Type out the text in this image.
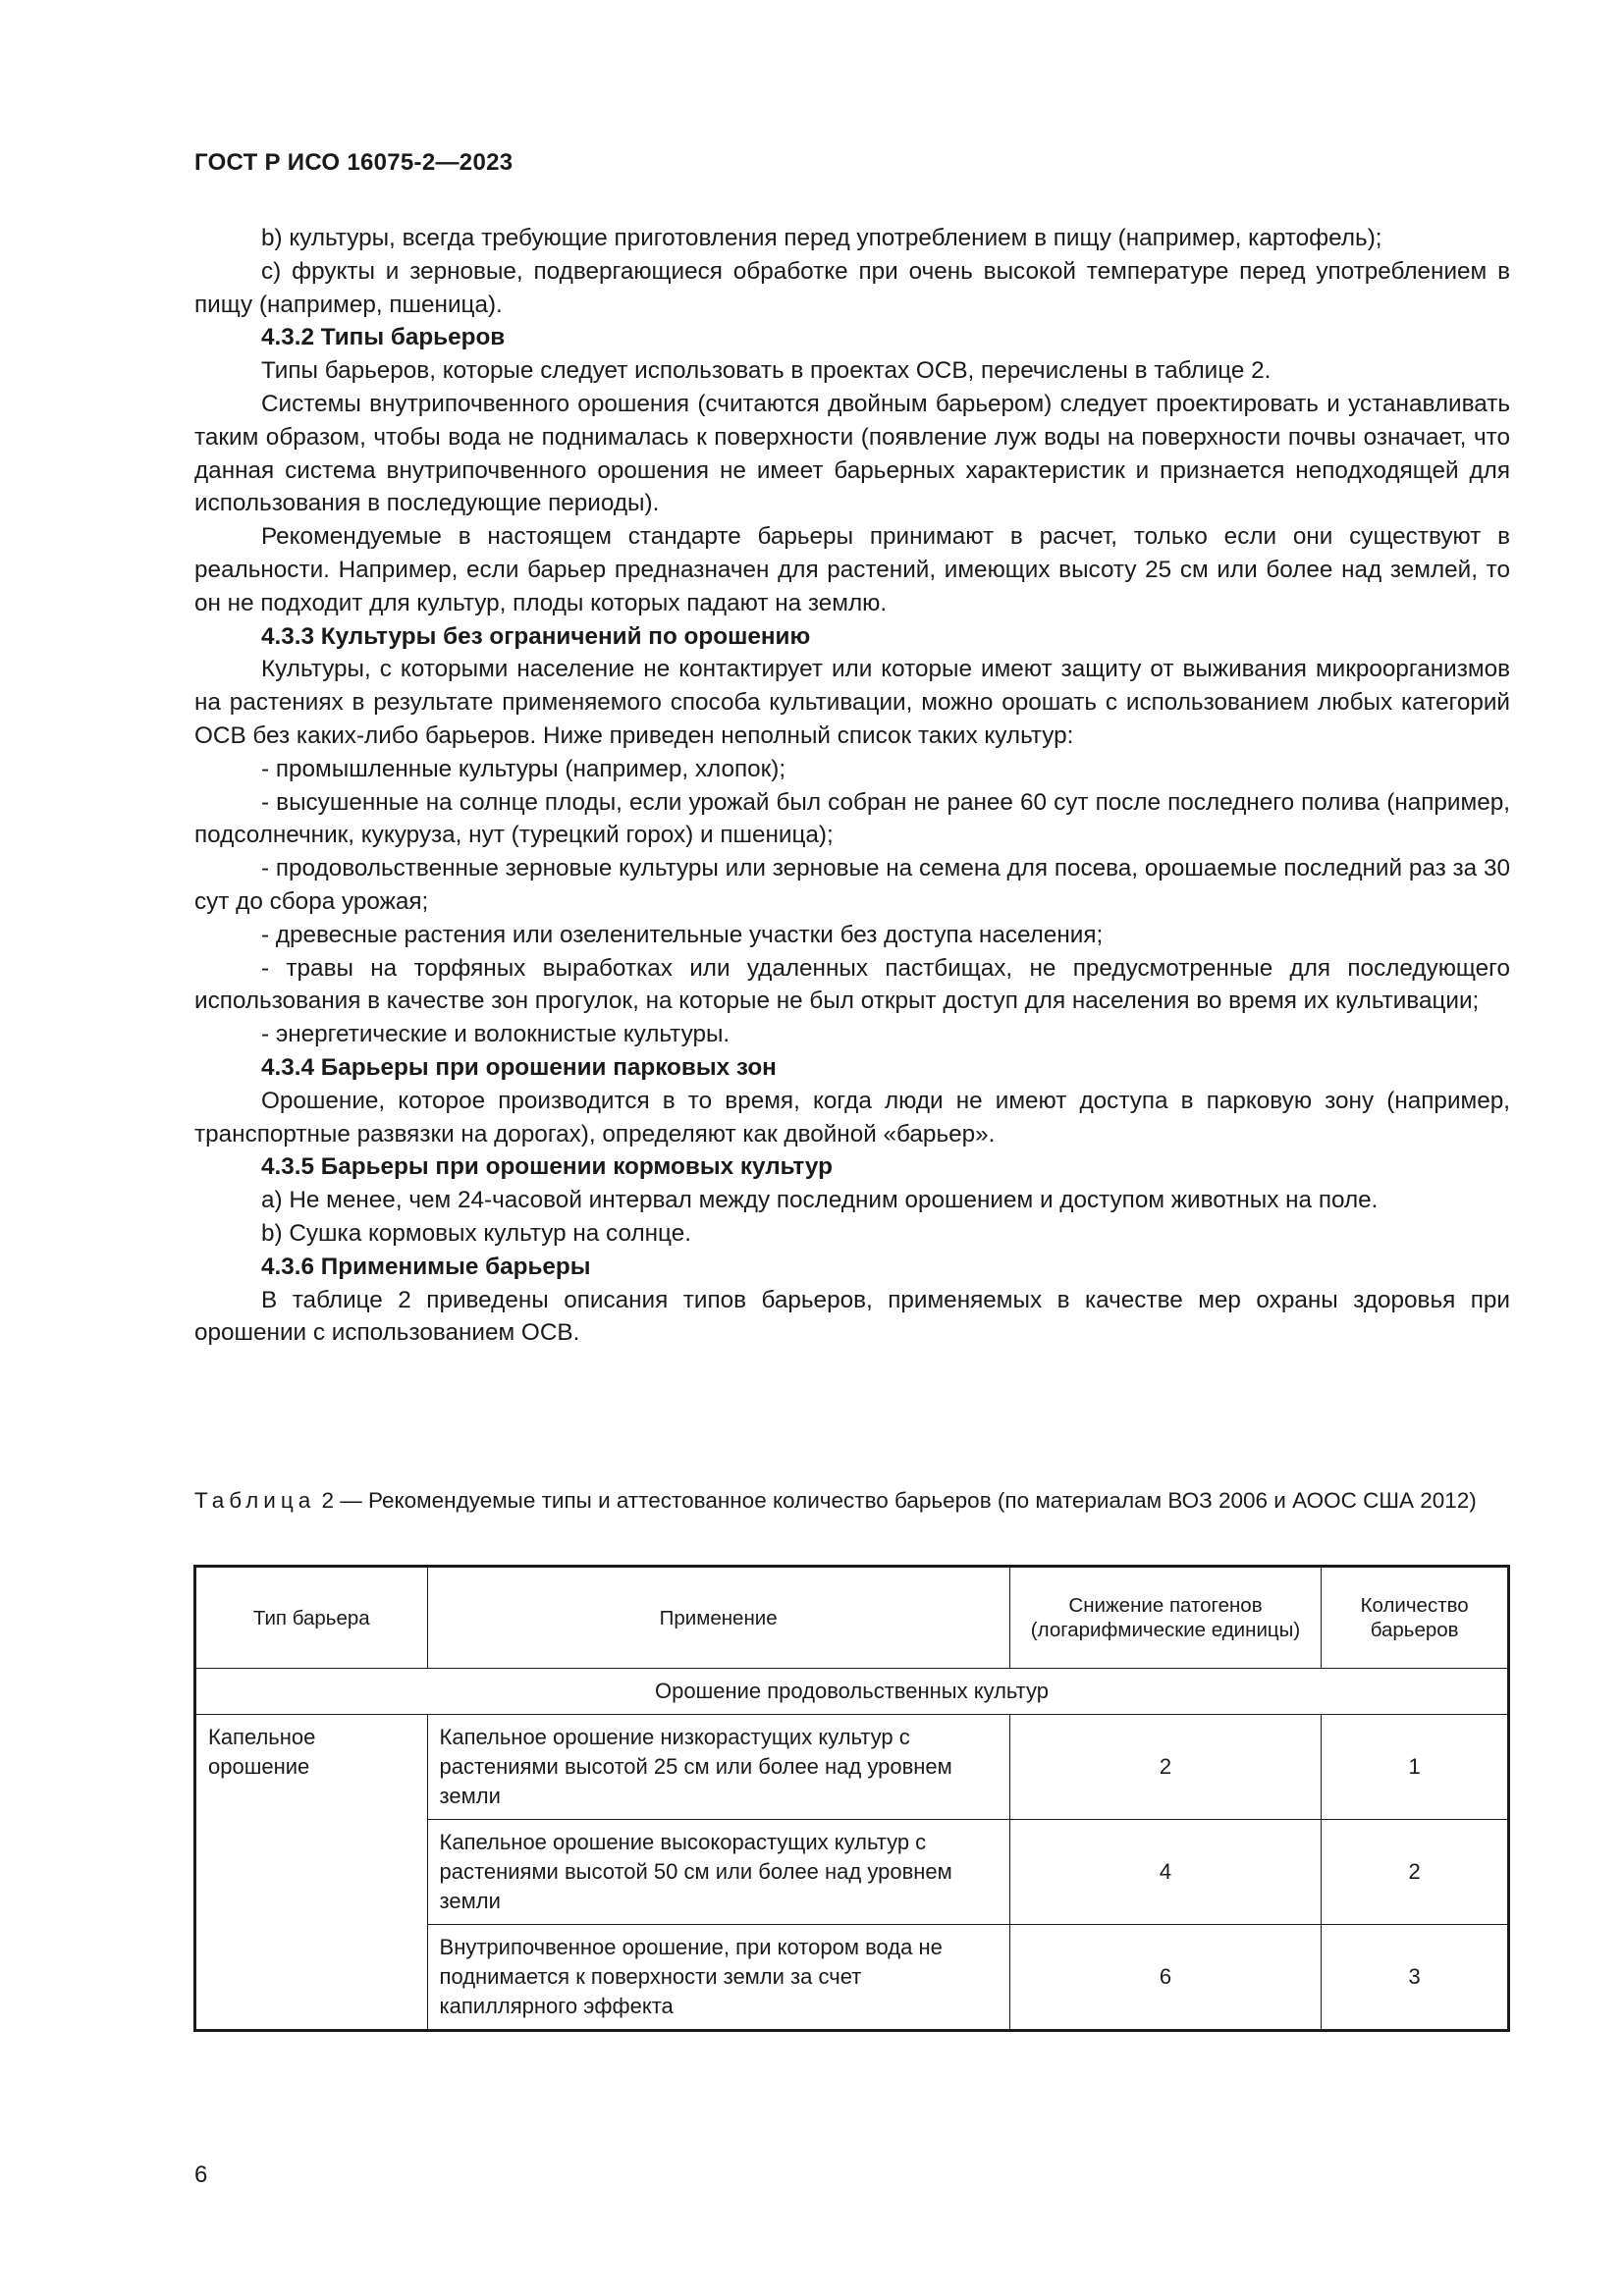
ГОСТ Р ИСО 16075-2—2023

b) культуры, всегда требующие приготовления перед употреблением в пищу (например, картофель);

c) фрукты и зерновые, подвергающиеся обработке при очень высокой температуре перед употреблением в пищу (например, пшеница).

4.3.2 Типы барьеров

Типы барьеров, которые следует использовать в проектах ОСВ, перечислены в таблице 2.

Системы внутрипочвенного орошения (считаются двойным барьером) следует проектировать и устанавливать таким образом, чтобы вода не поднималась к поверхности (появление луж воды на поверхности почвы означает, что данная система внутрипочвенного орошения не имеет барьерных характеристик и признается неподходящей для использования в последующие периоды).

Рекомендуемые в настоящем стандарте барьеры принимают в расчет, только если они существуют в реальности. Например, если барьер предназначен для растений, имеющих высоту 25 см или более над землей, то он не подходит для культур, плоды которых падают на землю.

4.3.3 Культуры без ограничений по орошению

Культуры, с которыми население не контактирует или которые имеют защиту от выживания микроорганизмов на растениях в результате применяемого способа культивации, можно орошать с использованием любых категорий ОСВ без каких-либо барьеров. Ниже приведен неполный список таких культур:

- промышленные культуры (например, хлопок);

- высушенные на солнце плоды, если урожай был собран не ранее 60 сут после последнего полива (например, подсолнечник, кукуруза, нут (турецкий горох) и пшеница);

- продовольственные зерновые культуры или зерновые на семена для посева, орошаемые последний раз за 30 сут до сбора урожая;

- древесные растения или озеленительные участки без доступа населения;

- травы на торфяных выработках или удаленных пастбищах, не предусмотренные для последующего использования в качестве зон прогулок, на которые не был открыт доступ для населения во время их культивации;

- энергетические и волокнистые культуры.

4.3.4 Барьеры при орошении парковых зон

Орошение, которое производится в то время, когда люди не имеют доступа в парковую зону (например, транспортные развязки на дорогах), определяют как двойной «барьер».

4.3.5 Барьеры при орошении кормовых культур

a) Не менее, чем 24-часовой интервал между последним орошением и доступом животных на поле.

b) Сушка кормовых культур на солнце.

4.3.6 Применимые барьеры

В таблице 2 приведены описания типов барьеров, применяемых в качестве мер охраны здоровья при орошении с использованием ОСВ.

Таблица 2 — Рекомендуемые типы и аттестованное количество барьеров (по материалам ВОЗ 2006 и АООС США 2012)
Тип барьера	Применение	Снижение патогенов (логарифмические единицы)	Количество барьеров
Орошение продовольственных культур			
Капельное орошение	Капельное орошение низкорастущих культур с растениями высотой 25 см или более над уровнем земли	2	1
	Капельное орошение высокорастущих культур с растениями высотой 50 см или более над уровнем земли	4	2
	Внутрипочвенное орошение, при котором вода не поднимается к поверхности земли за счет капиллярного эффекта	6	3
6
